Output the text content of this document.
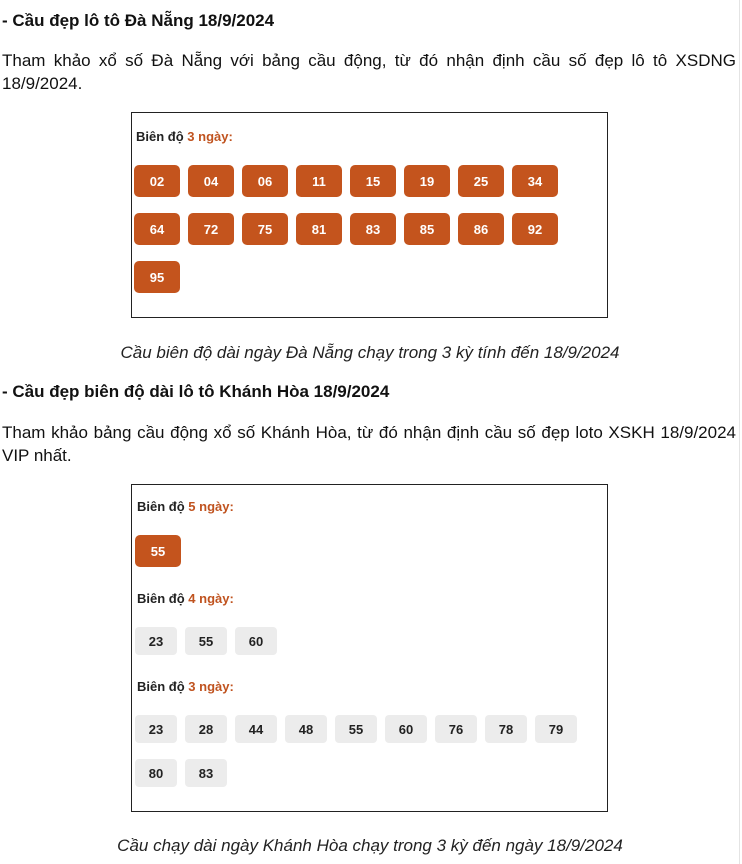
- Cầu đẹp lô tô Đà Nẵng 18/9/2024
Tham khảo xổ số Đà Nẵng với bảng cầu động, từ đó nhận định cầu số đẹp lô tô XSDNG 18/9/2024.
Biên độ 3 ngày:
02	04	06	11	15	19	25	34
64	72	75	81	83	85	86	92
95
Cầu biên độ dài ngày Đà Nẵng chạy trong 3 kỳ tính đến 18/9/2024
- Cầu đẹp biên độ dài lô tô Khánh Hòa 18/9/2024
Tham khảo bảng cầu động xổ số Khánh Hòa, từ đó nhận định cầu số đẹp loto XSKH 18/9/2024 VIP nhất.
Biên độ 5 ngày:
Biên độ 4 ngày:
Biên độ 3 ngày:
55
23	55	60
23	28	44	48	55	60	76	78	79
80	83
Cầu chạy dài ngày Khánh Hòa chạy trong 3 kỳ đến ngày 18/9/2024
